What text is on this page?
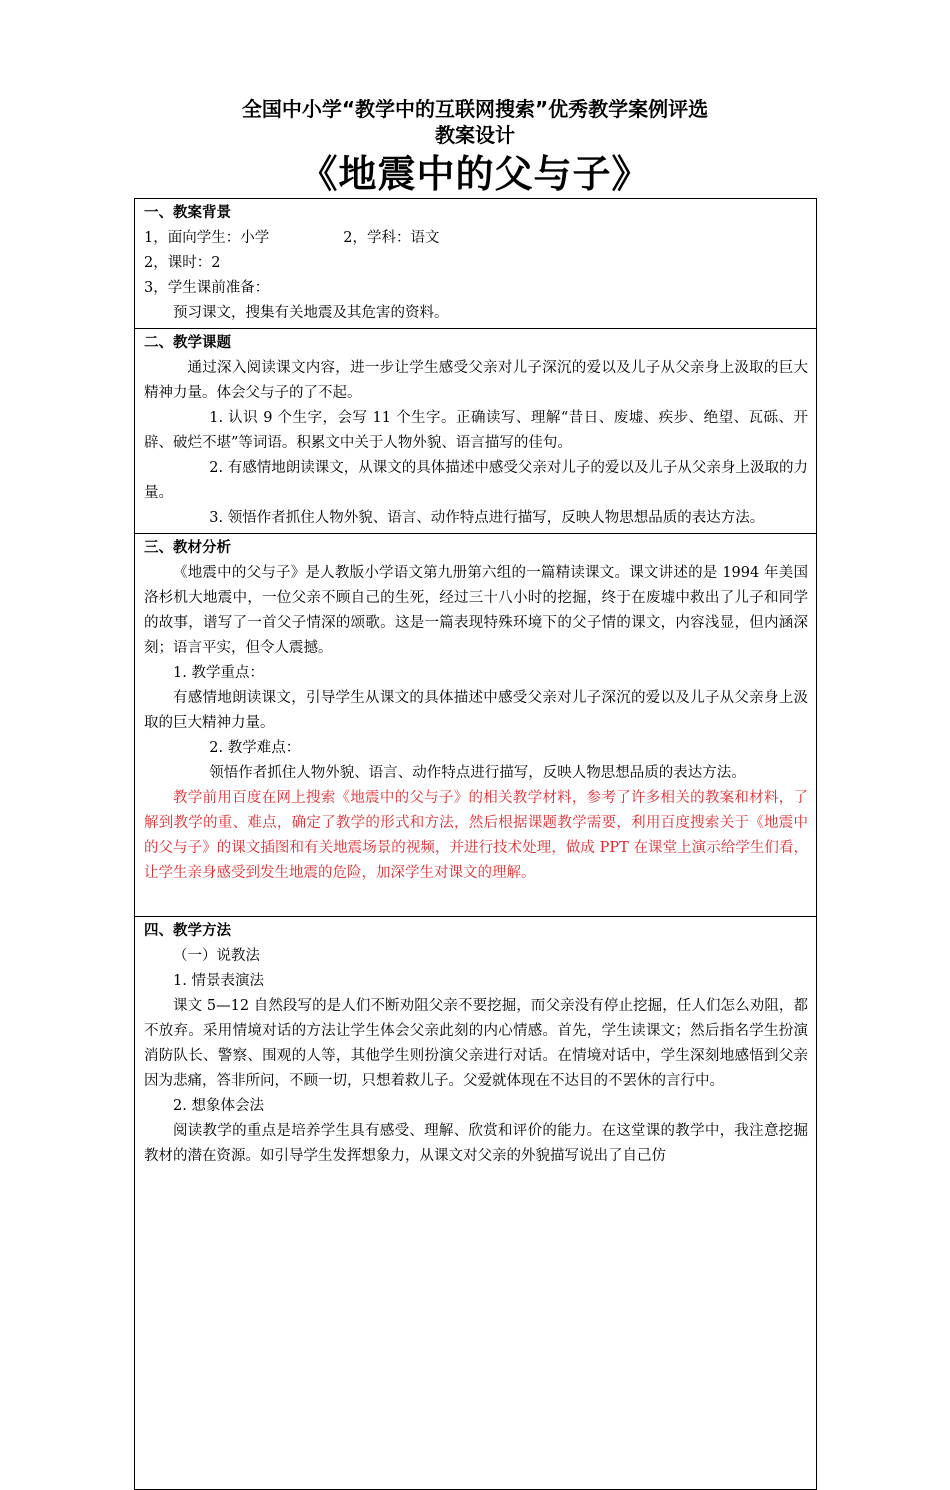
全国中小学“教学中的互联网搜索”优秀教学案例评选
教案设计
《地震中的父与子》
一、教案背景
1，面向学生：小学	2，学科：语文
2，课时：2
3，学生课前准备：
预习课文，搜集有关地震及其危害的资料。

二、教学课题
通过深入阅读课文内容，进一步让学生感受父亲对儿子深沉的爱以及儿子从父亲身上汲取的巨大精神力量。体会父与子的了不起。
1. 认识 9 个生字，会写 11 个生字。正确读写、理解“昔日、废墟、疾步、绝望、瓦砾、开辟、破烂不堪”等词语。积累文中关于人物外貌、语言描写的佳句。
2. 有感情地朗读课文，从课文的具体描述中感受父亲对儿子的爱以及儿子从父亲身上汲取的力量。
3. 领悟作者抓住人物外貌、语言、动作特点进行描写，反映人物思想品质的表达方法。

三、教材分析
《地震中的父与子》是人教版小学语文第九册第六组的一篇精读课文。课文讲述的是 1994 年美国洛杉机大地震中，一位父亲不顾自己的生死，经过三十八小时的挖掘，终于在废墟中救出了儿子和同学的故事，谱写了一首父子情深的颂歌。这是一篇表现特殊环境下的父子情的课文，内容浅显，但内涵深刻；语言平实，但令人震撼。
1. 教学重点：
有感情地朗读课文，引导学生从课文的具体描述中感受父亲对儿子深沉的爱以及儿子从父亲身上汲取的巨大精神力量。
2. 教学难点：
领悟作者抓住人物外貌、语言、动作特点进行描写，反映人物思想品质的表达方法。
教学前用百度在网上搜索《地震中的父与子》的相关教学材料，参考了许多相关的教案和材料，了解到教学的重、难点，确定了教学的形式和方法，然后根据课题教学需要，利用百度搜索关于《地震中的父与子》的课文插图和有关地震场景的视频，并进行技术处理，做成 PPT 在课堂上演示给学生们看，让学生亲身感受到发生地震的危险，加深学生对课文的理解。

四、教学方法
（一）说教法
1. 情景表演法
课文 5—12 自然段写的是人们不断劝阻父亲不要挖掘，而父亲没有停止挖掘，任人们怎么劝阻，都不放弃。采用情境对话的方法让学生体会父亲此刻的内心情感。首先，学生读课文；然后指名学生扮演消防队长、警察、围观的人等，其他学生则扮演父亲进行对话。在情境对话中，学生深刻地感悟到父亲因为悲痛，答非所问，不顾一切，只想着救儿子。父爱就体现在不达目的不罢休的言行中。
2. 想象体会法
阅读教学的重点是培养学生具有感受、理解、欣赏和评价的能力。在这堂课的教学中，我注意挖掘教材的潜在资源。如引导学生发挥想象力，从课文对父亲的外貌描写说出了自己仿
